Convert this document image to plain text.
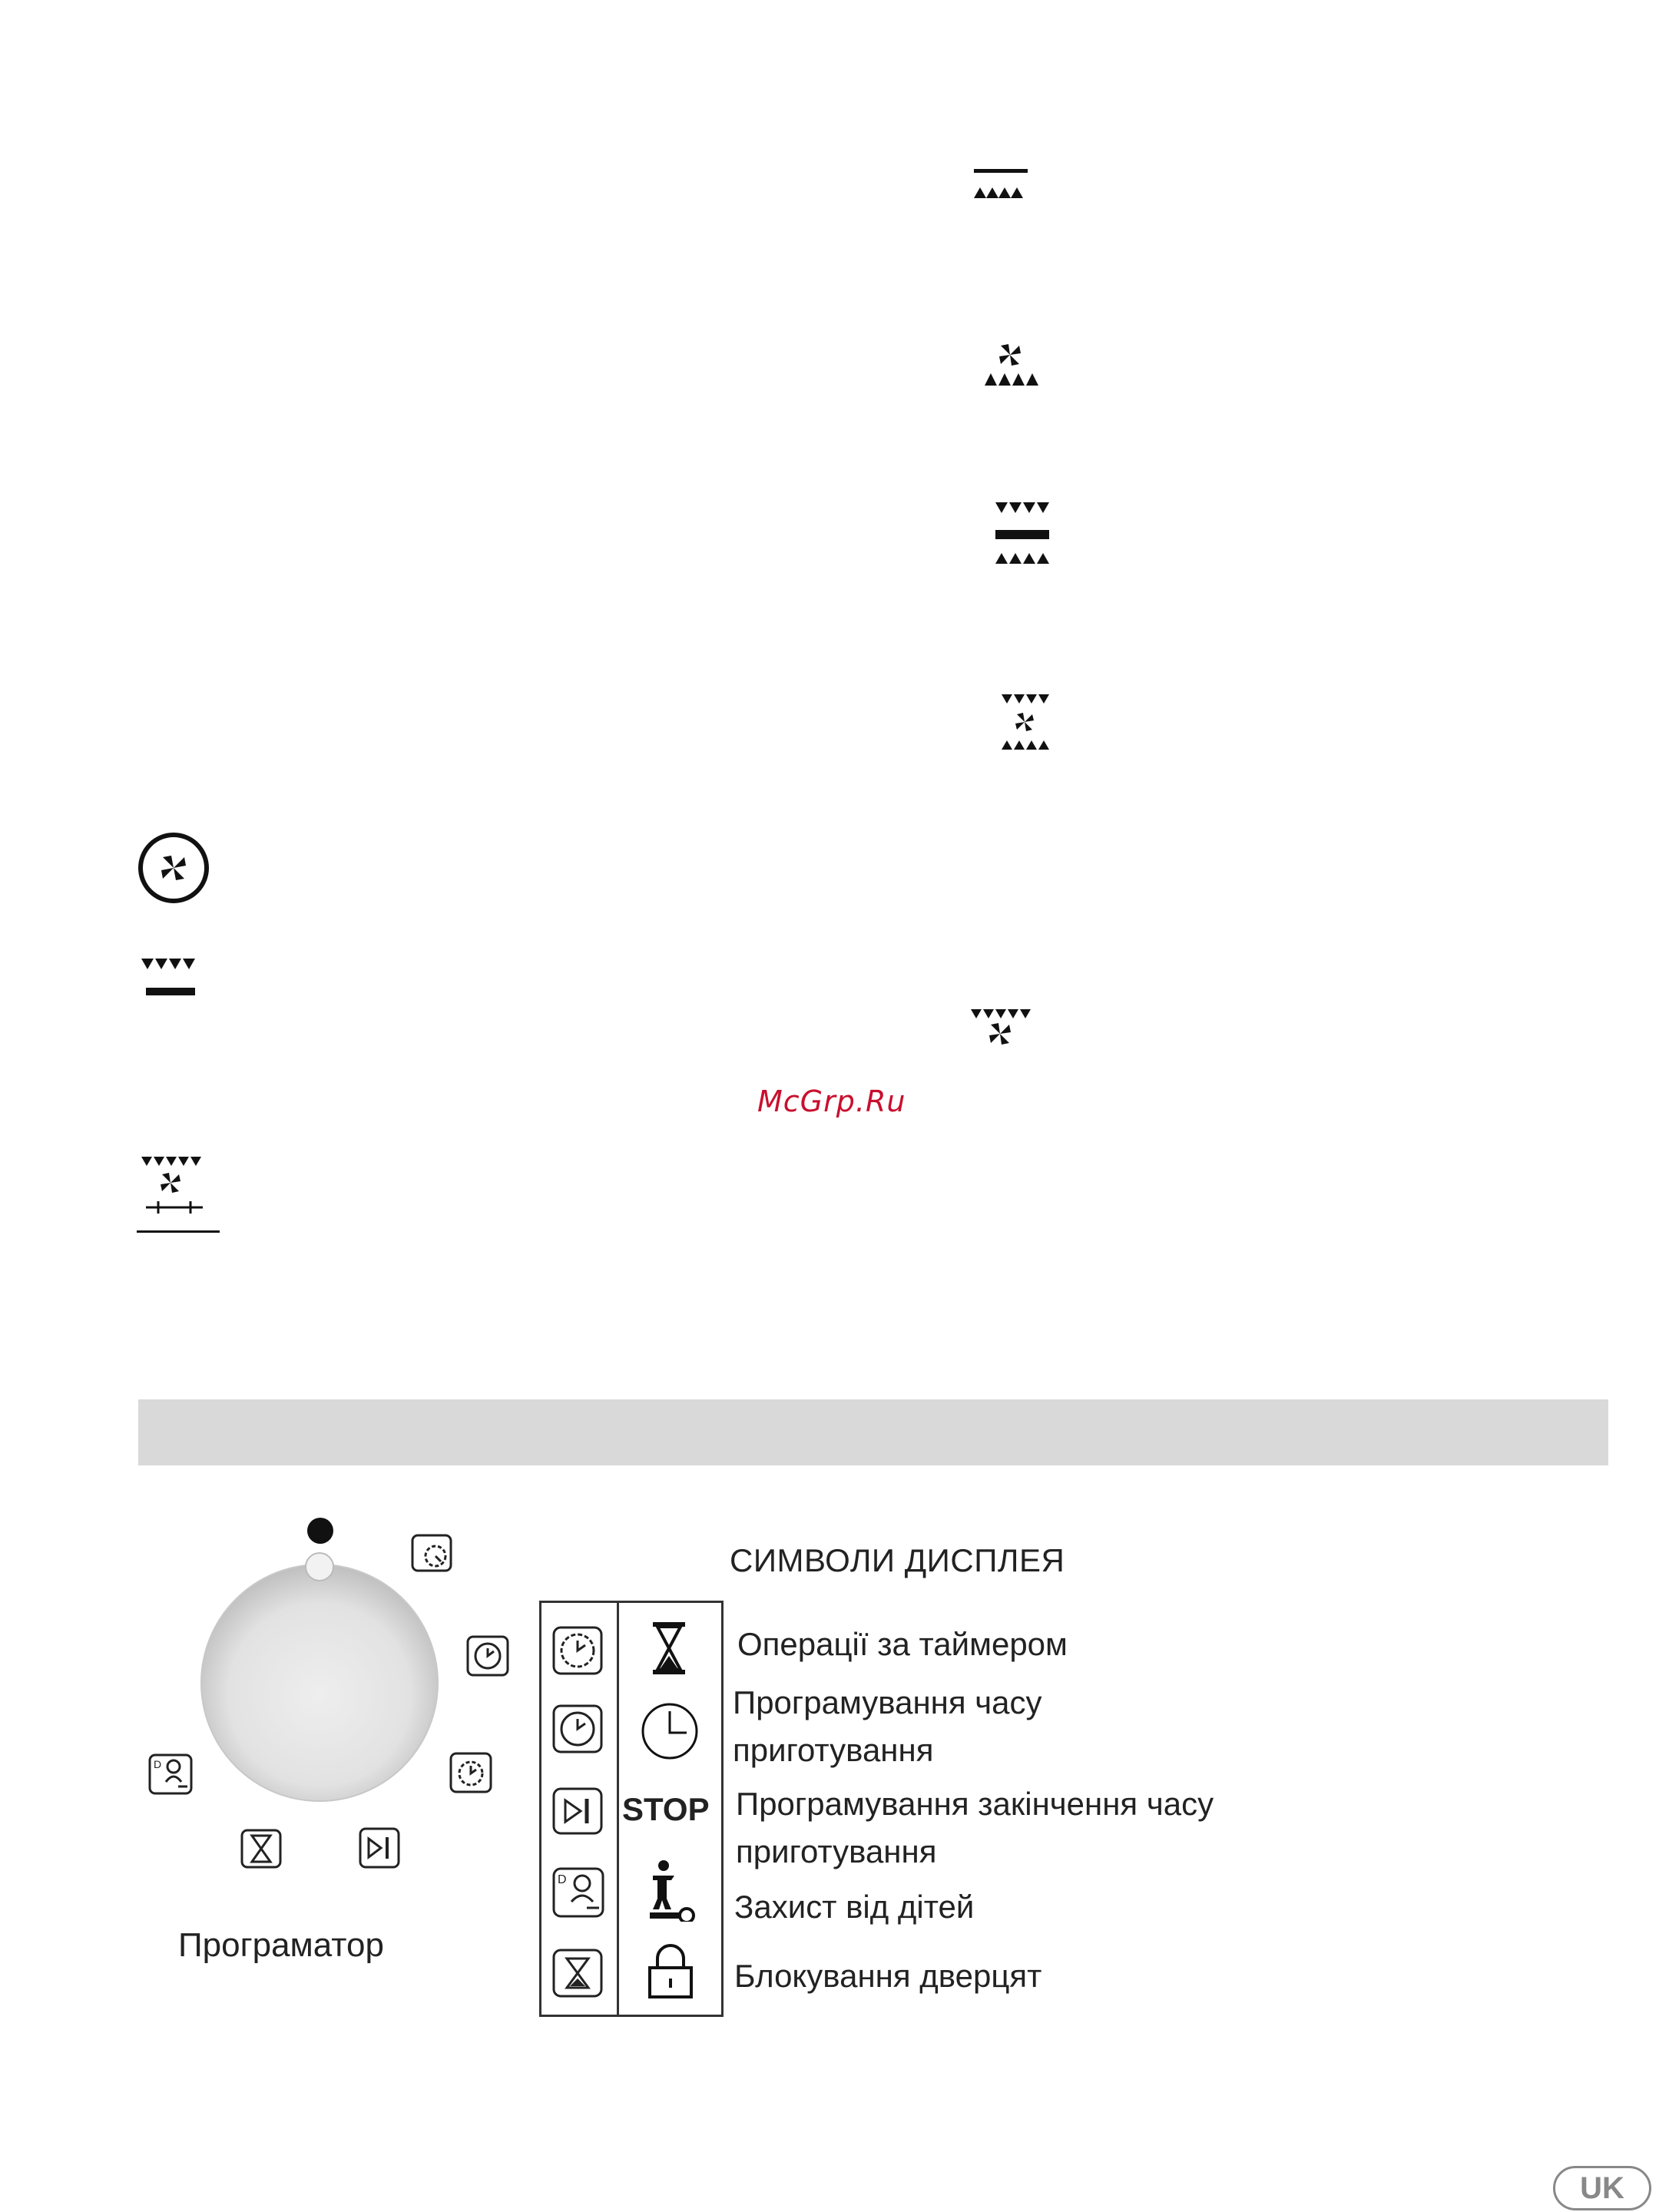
McGrp.Ru
D
Програматор
СИМВОЛИ ДИСПЛЕЯ
Операції за таймером
Програмування часу приготування
STOP Програмування закінчення часу приготування
D
Захист від дітей
Блокування дверцят
UK
